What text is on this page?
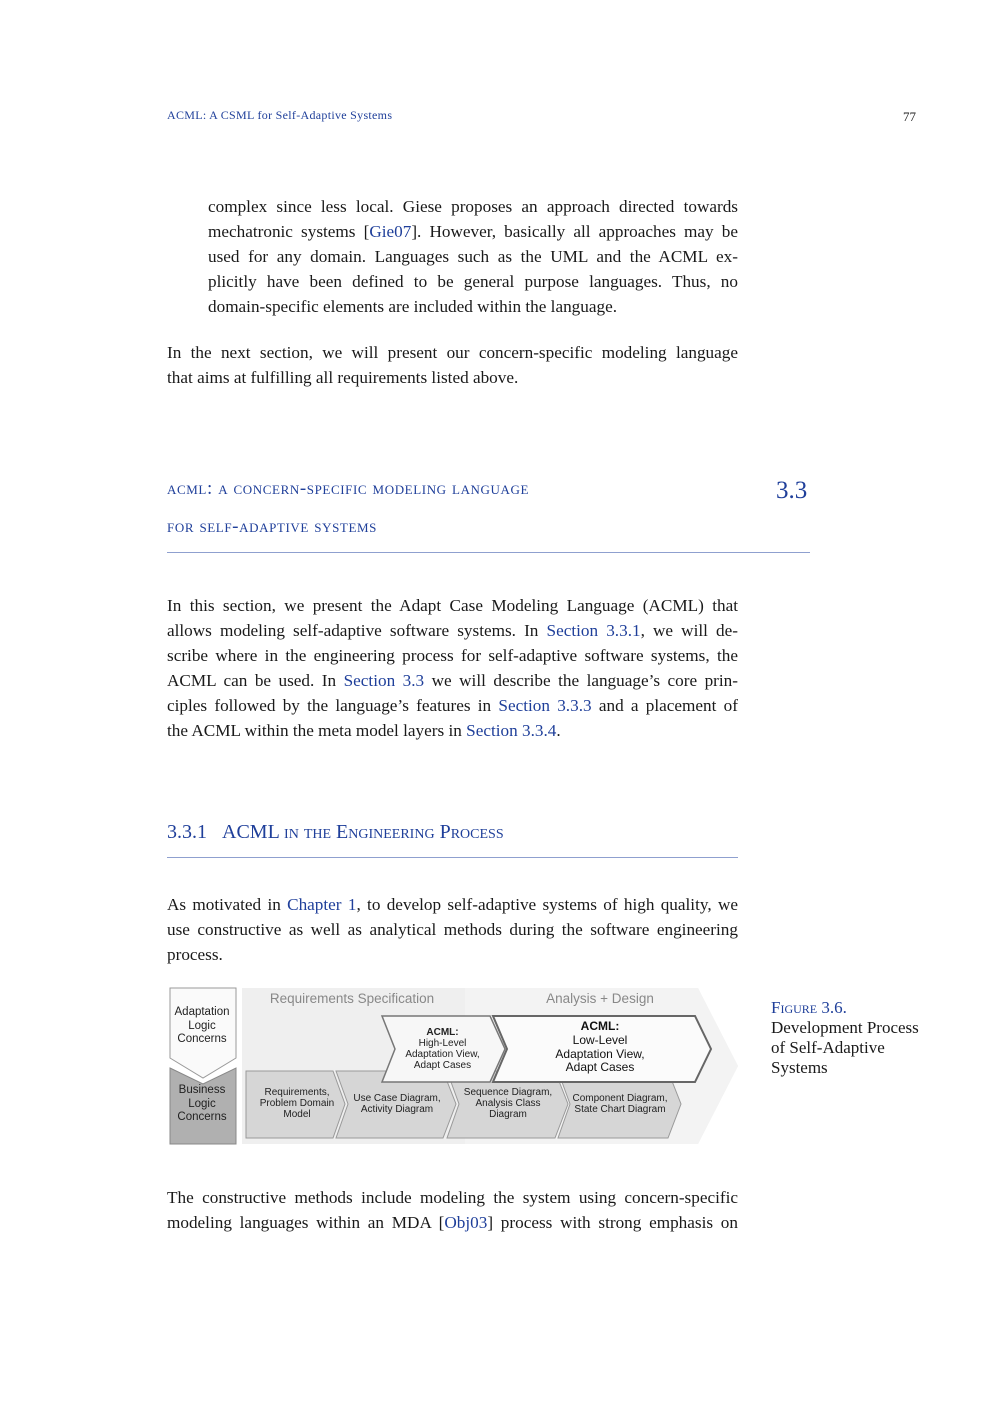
ACML: A CSML for Self-Adaptive Systems	77
complex since less local. Giese proposes an approach directed towards
mechatronic systems [Gie07]. However, basically all approaches may be
used for any domain. Languages such as the UML and the ACML ex-
plicitly have been defined to be general purpose languages. Thus, no
domain-specific elements are included within the language.
In the next section, we will present our concern-specific modeling language
that aims at fulfilling all requirements listed above.
acml: a concern-specific modeling language
for self-adaptive systems
3.3
In this section, we present the Adapt Case Modeling Language (ACML) that
allows modeling self-adaptive software systems. In Section 3.3.1, we will de-
scribe where in the engineering process for self-adaptive software systems, the
ACML can be used. In Section 3.3 we will describe the language’s core prin-
ciples followed by the language’s features in Section 3.3.3 and a placement of
the ACML within the meta model layers in Section 3.3.4.
3.3.1 ACML in the Engineering Process
As motivated in Chapter 1, to develop self-adaptive systems of high quality, we
use constructive as well as analytical methods during the software engineering
process.
Adaptation
Logic
Concerns
Business
Logic
Concerns
Requirements Specification	Analysis + Design
ACML:
High-Level
Adaptation View,
Adapt Cases
ACML:
Low-Level
Adaptation View,
Adapt Cases
Requirements,
Problem Domain
Model
Use Case Diagram,
Activity Diagram
Sequence Diagram,
Analysis Class
Diagram
Component Diagram,
State Chart Diagram
Figure 3.6.
Development Process
of Self-Adaptive
Systems
The constructive methods include modeling the system using concern-specific
modeling languages within an MDA [Obj03] process with strong emphasis on
